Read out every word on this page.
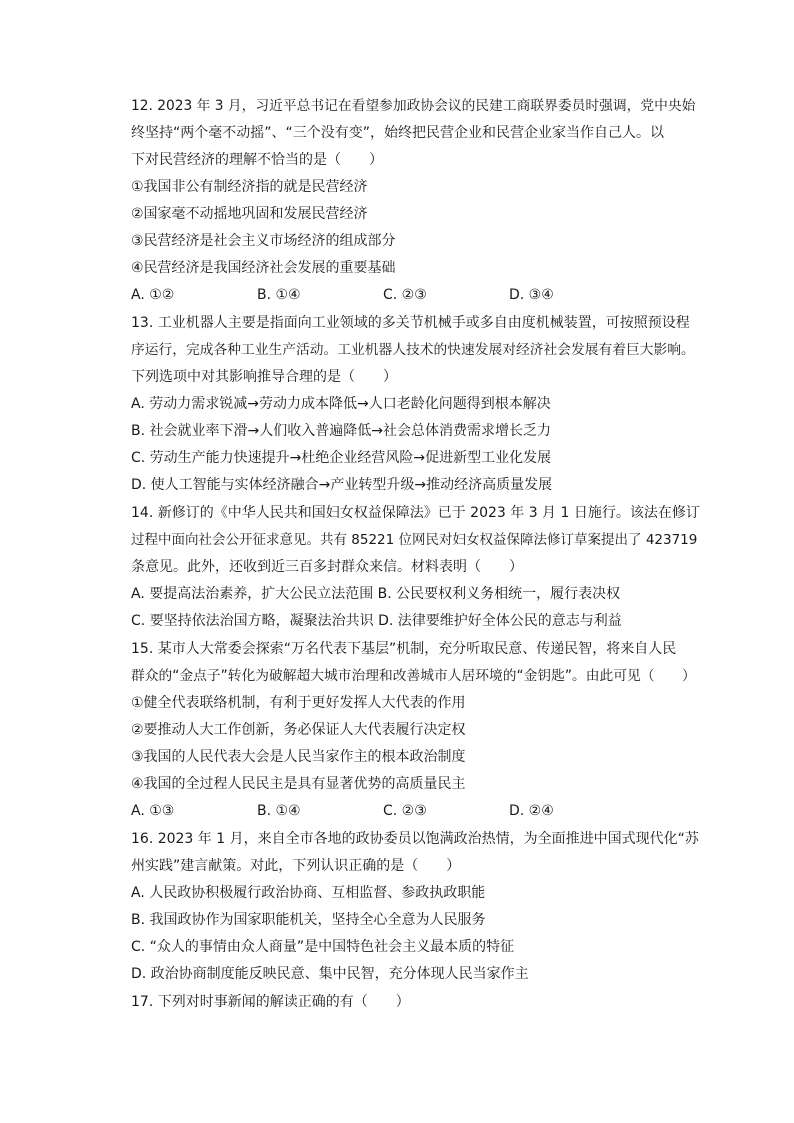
12. 2023 年 3 月，习近平总书记在看望参加政协会议的民建工商联界委员时强调，党中央始
终坚持“两个毫不动摇”、“三个没有变”，始终把民营企业和民营企业家当作自己人。以
下对民营经济的理解不恰当的是（　　）
①我国非公有制经济指的就是民营经济
②国家毫不动摇地巩固和发展民营经济
③民营经济是社会主义市场经济的组成部分
④民营经济是我国经济社会发展的重要基础
A. ①②	B. ①④	C. ②③	D. ③④
13. 工业机器人主要是指面向工业领域的多关节机械手或多自由度机械装置，可按照预设程
序运行，完成各种工业生产活动。工业机器人技术的快速发展对经济社会发展有着巨大影响。
下列选项中对其影响推导合理的是（　　）
A. 劳动力需求锐减→劳动力成本降低→人口老龄化问题得到根本解决
B. 社会就业率下滑→人们收入普遍降低→社会总体消费需求增长乏力
C. 劳动生产能力快速提升→杜绝企业经营风险→促进新型工业化发展
D. 使人工智能与实体经济融合→产业转型升级→推动经济高质量发展
14. 新修订的《中华人民共和国妇女权益保障法》已于 2023 年 3 月 1 日施行。该法在修订
过程中面向社会公开征求意见。共有 85221 位网民对妇女权益保障法修订草案提出了 423719
条意见。此外，还收到近三百多封群众来信。材料表明（　　）
A. 要提高法治素养，扩大公民立法范围 B. 公民要权利义务相统一，履行表决权
C. 要坚持依法治国方略，凝聚法治共识 D. 法律要维护好全体公民的意志与利益
15. 某市人大常委会探索“万名代表下基层”机制，充分听取民意、传递民智，将来自人民
群众的“金点子”转化为破解超大城市治理和改善城市人居环境的“金钥匙”。由此可见（　　）
①健全代表联络机制，有利于更好发挥人大代表的作用
②要推动人大工作创新，务必保证人大代表履行决定权
③我国的人民代表大会是人民当家作主的根本政治制度
④我国的全过程人民民主是具有显著优势的高质量民主
A. ①③	B. ①④	C. ②③	D. ②④
16. 2023 年 1 月，来自全市各地的政协委员以饱满政治热情，为全面推进中国式现代化“苏
州实践”建言献策。对此，下列认识正确的是（　　）
A. 人民政协积极履行政治协商、互相监督、参政执政职能
B. 我国政协作为国家职能机关，坚持全心全意为人民服务
C. “众人的事情由众人商量”是中国特色社会主义最本质的特征
D. 政治协商制度能反映民意、集中民智，充分体现人民当家作主
17. 下列对时事新闻的解读正确的有（　　）
